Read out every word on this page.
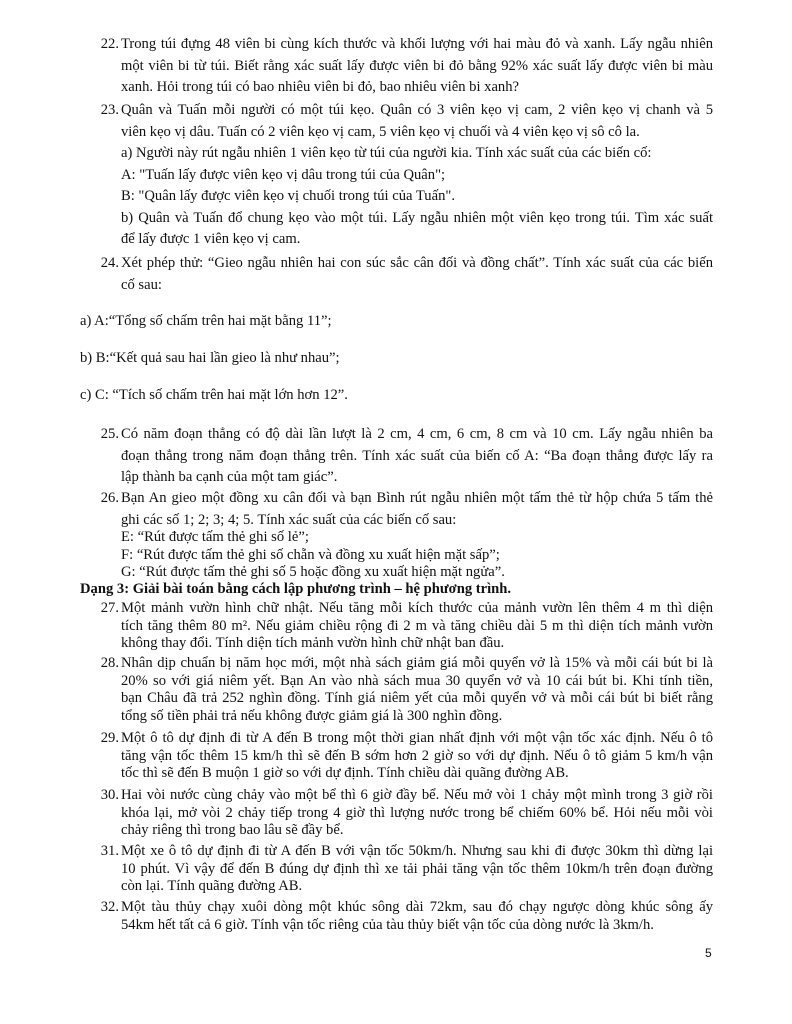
22. Trong túi đựng 48 viên bi cùng kích thước và khối lượng với hai màu đỏ và xanh. Lấy ngẫu nhiên
một viên bi từ túi. Biết rằng xác suất lấy được viên bi đỏ bằng 92% xác suất lấy được viên bi màu
xanh. Hỏi trong túi có bao nhiêu viên bi đỏ, bao nhiêu viên bi xanh?
23. Quân và Tuấn mỗi người có một túi kẹo. Quân có 3 viên kẹo vị cam, 2 viên kẹo vị chanh và 5
viên kẹo vị dâu. Tuấn có 2 viên kẹo vị cam, 5 viên kẹo vị chuối và 4 viên kẹo vị sô cô la.
a) Người này rút ngẫu nhiên 1 viên kẹo từ túi của người kia. Tính xác suất của các biến cố:
A: "Tuấn lấy được viên kẹo vị dâu trong túi của Quân";
B: "Quân lấy được viên kẹo vị chuối trong túi của Tuấn".
b) Quân và Tuấn đổ chung kẹo vào một túi. Lấy ngẫu nhiên một viên kẹo trong túi. Tìm xác suất
để lấy được 1 viên kẹo vị cam.
24. Xét phép thử: “Gieo ngẫu nhiên hai con súc sắc cân đối và đồng chất”. Tính xác suất của các biến
cố sau:
a) A:“Tổng số chấm trên hai mặt bằng 11”;
b) B:“Kết quả sau hai lần gieo là như nhau”;
c) C: “Tích số chấm trên hai mặt lớn hơn 12”.
25. Có năm đoạn thẳng có độ dài lần lượt là 2 cm, 4 cm, 6 cm, 8 cm và 10 cm. Lấy ngẫu nhiên ba
đoạn thẳng trong năm đoạn thẳng trên. Tính xác suất của biến cố A: “Ba đoạn thẳng được lấy ra
lập thành ba cạnh của một tam giác”.
26. Bạn An gieo một đồng xu cân đối và bạn Bình rút ngẫu nhiên một tấm thẻ từ hộp chứa 5 tấm thẻ
ghi các số 1; 2; 3; 4; 5. Tính xác suất của các biến cố sau:
E: “Rút được tấm thẻ ghi số lẻ”;
F: “Rút được tấm thẻ ghi số chẵn và đồng xu xuất hiện mặt sấp”;
G: “Rút được tấm thẻ ghi số 5 hoặc đồng xu xuất hiện mặt ngửa”.
Dạng 3: Giải bài toán bằng cách lập phương trình – hệ phương trình.
27. Một mảnh vườn hình chữ nhật. Nếu tăng mỗi kích thước của mảnh vườn lên thêm 4 m thì diện
tích tăng thêm 80 m². Nếu giảm chiều rộng đi 2 m và tăng chiều dài 5 m thì diện tích mảnh vườn
không thay đổi. Tính diện tích mảnh vườn hình chữ nhật ban đầu.
28. Nhân dịp chuẩn bị năm học mới, một nhà sách giảm giá mỗi quyển vở là 15% và mỗi cái bút bi là
20% so với giá niêm yết. Bạn An vào nhà sách mua 30 quyển vở và 10 cái bút bi. Khi tính tiền,
bạn Châu đã trả 252 nghìn đồng. Tính giá niêm yết của mỗi quyển vở và mỗi cái bút bi biết rằng
tổng số tiền phải trả nếu không được giảm giá là 300 nghìn đồng.
29. Một ô tô dự định đi từ A đến B trong một thời gian nhất định với một vận tốc xác định. Nếu ô tô
tăng vận tốc thêm 15 km/h thì sẽ đến B sớm hơn 2 giờ so với dự định. Nếu ô tô giảm 5 km/h vận
tốc thì sẽ đến B muộn 1 giờ so với dự định. Tính chiều dài quãng đường AB.
30. Hai vòi nước cùng chảy vào một bể thì 6 giờ đầy bể. Nếu mở vòi 1 chảy một mình trong 3 giờ rồi
khóa lại, mở vòi 2 chảy tiếp trong 4 giờ thì lượng nước trong bể chiếm 60% bể. Hỏi nếu mỗi vòi
chảy riêng thì trong bao lâu sẽ đầy bể.
31. Một xe ô tô dự định đi từ A đến B với vận tốc 50km/h. Nhưng sau khi đi được 30km thì dừng lại
10 phút. Vì vậy để đến B đúng dự định thì xe tải phải tăng vận tốc thêm 10km/h trên đoạn đường
còn lại. Tính quãng đường AB.
32. Một tàu thủy chạy xuôi dòng một khúc sông dài 72km, sau đó chạy ngược dòng khúc sông ấy
54km hết tất cả 6 giờ. Tính vận tốc riêng của tàu thủy biết vận tốc của dòng nước là 3km/h.
5
